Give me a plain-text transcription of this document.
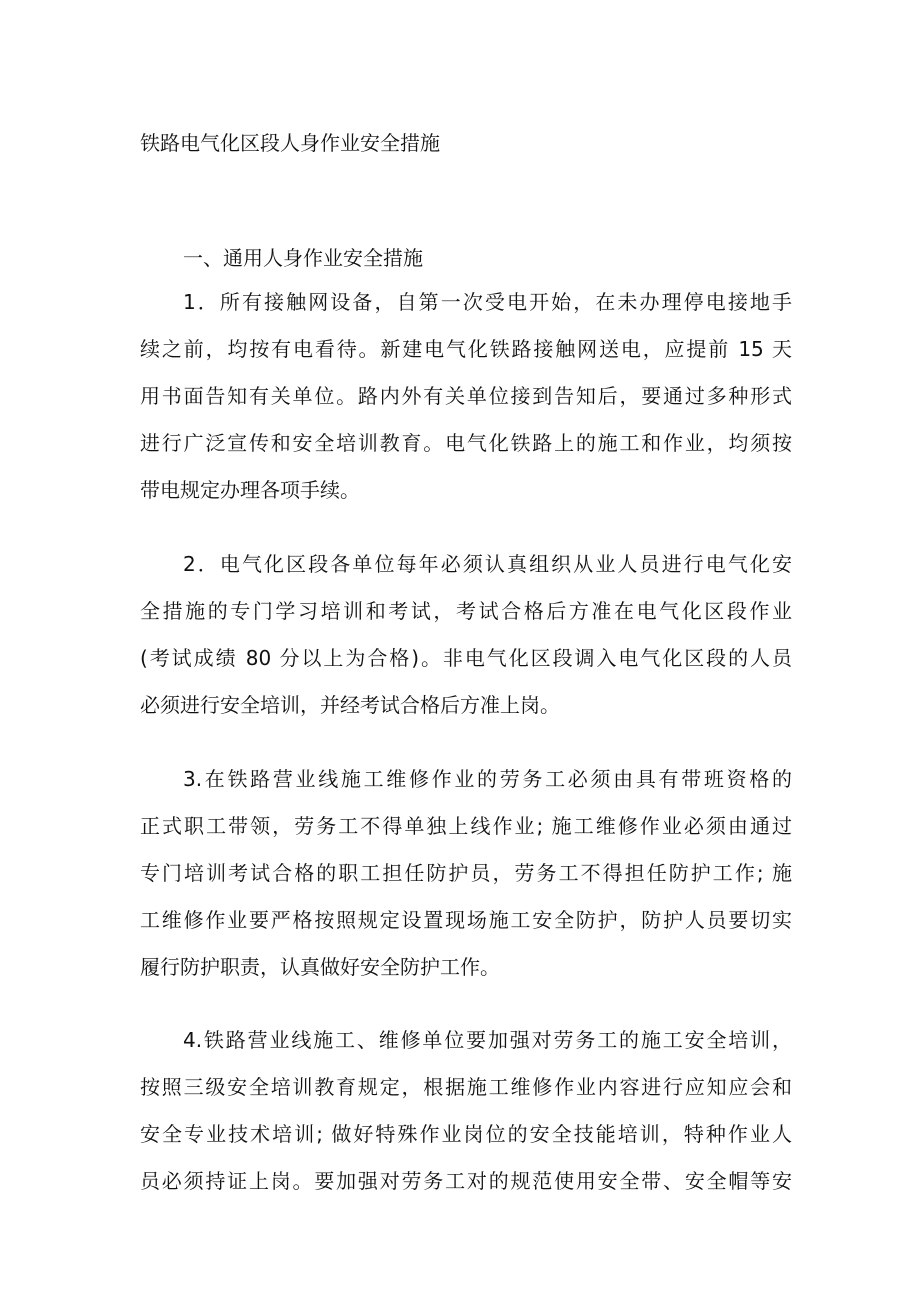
铁路电气化区段人身作业安全措施
一、通用人身作业安全措施
1．所有接触网设备，自第一次受电开始，在未办理停电接地手
续之前，均按有电看待。新建电气化铁路接触网送电，应提前 15 天
用书面告知有关单位。路内外有关单位接到告知后，要通过多种形式
进行广泛宣传和安全培训教育。电气化铁路上的施工和作业，均须按
带电规定办理各项手续。
2．电气化区段各单位每年必须认真组织从业人员进行电气化安
全措施的专门学习培训和考试，考试合格后方准在电气化区段作业
(考试成绩 80 分以上为合格)。非电气化区段调入电气化区段的人员
必须进行安全培训，并经考试合格后方准上岗。
3.在铁路营业线施工维修作业的劳务工必须由具有带班资格的
正式职工带领，劳务工不得单独上线作业; 施工维修作业必须由通过
专门培训考试合格的职工担任防护员，劳务工不得担任防护工作; 施
工维修作业要严格按照规定设置现场施工安全防护，防护人员要切实
履行防护职责，认真做好安全防护工作。
4.铁路营业线施工、维修单位要加强对劳务工的施工安全培训，
按照三级安全培训教育规定，根据施工维修作业内容进行应知应会和
安全专业技术培训; 做好特殊作业岗位的安全技能培训，特种作业人
员必须持证上岗。要加强对劳务工对的规范使用安全带、安全帽等安
